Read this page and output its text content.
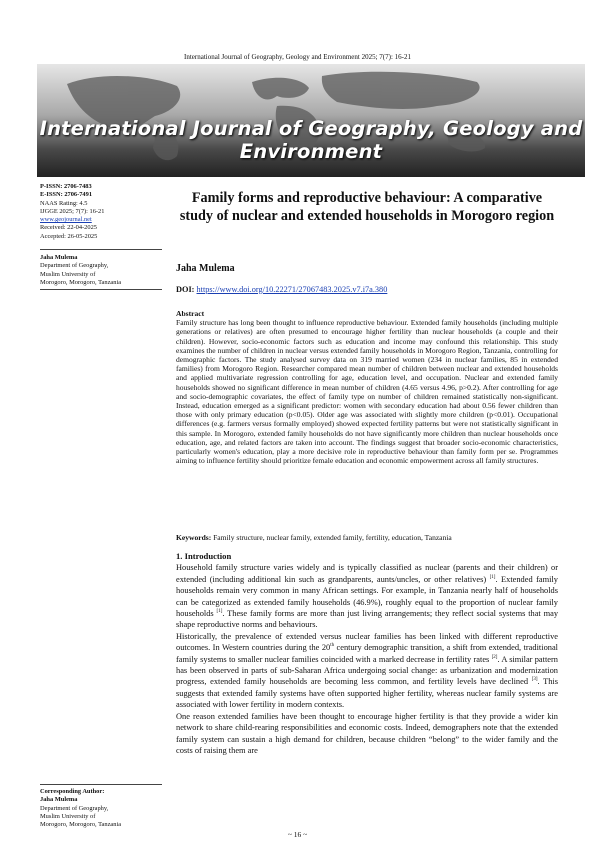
International Journal of Geography, Geology and Environment 2025; 7(7): 16-21
International Journal of Geography, Geology and Environment
P-ISSN: 2706-7483
E-ISSN: 2706-7491
NAAS Rating: 4.5
IJGGE 2025; 7(7): 16-21
www.geojournal.net
Received: 22-04-2025
Accepted: 26-05-2025
Jaha Mulema
Department of Geography,
Muslim University of
Morogoro, Morogoro, Tanzania
Corresponding Author:
Jaha Mulema
Department of Geography,
Muslim University of
Morogoro, Morogoro, Tanzania
Family forms and reproductive behaviour: A comparative study of nuclear and extended households in Morogoro region
Jaha Mulema
DOI: https://www.doi.org/10.22271/27067483.2025.v7.i7a.380
Abstract
Family structure has long been thought to influence reproductive behaviour. Extended family households (including multiple generations or relatives) are often presumed to encourage higher fertility than nuclear households (a couple and their children). However, socio-economic factors such as education and income may confound this relationship. This study examines the number of children in nuclear versus extended family households in Morogoro Region, Tanzania, controlling for demographic factors. The study analysed survey data on 319 married women (234 in nuclear families, 85 in extended families) from Morogoro Region. Researcher compared mean number of children between nuclear and extended households and applied multivariate regression controlling for age, education level, and occupation. Nuclear and extended family households showed no significant difference in mean number of children (4.65 versus 4.96, p>0.2). After controlling for age and socio-demographic covariates, the effect of family type on number of children remained statistically non-significant. Instead, education emerged as a significant predictor: women with secondary education had about 0.56 fewer children than those with only primary education (p<0.05). Older age was associated with slightly more children (p<0.01). Occupational differences (e.g. farmers versus formally employed) showed expected fertility patterns but were not statistically significant in this sample. In Morogoro, extended family households do not have significantly more children than nuclear households once education, age, and related factors are taken into account. The findings suggest that broader socio-economic characteristics, particularly women's education, play a more decisive role in reproductive behaviour than family form per se. Programmes aiming to influence fertility should prioritize female education and economic empowerment across all family structures.
Keywords: Family structure, nuclear family, extended family, fertility, education, Tanzania
1. Introduction

Household family structure varies widely and is typically classified as nuclear (parents and their children) or extended (including additional kin such as grandparents, aunts/uncles, or other relatives) [1]. Extended family households remain very common in many African settings. For example, in Tanzania nearly half of households can be categorized as extended family households (46.9%), roughly equal to the proportion of nuclear family households [1]. These family forms are more than just living arrangements; they reflect social systems that may shape reproductive norms and behaviours.

Historically, the prevalence of extended versus nuclear families has been linked with different reproductive outcomes. In Western countries during the 20th century demographic transition, a shift from extended, traditional family systems to smaller nuclear families coincided with a marked decrease in fertility rates [2]. A similar pattern has been observed in parts of sub-Saharan Africa undergoing social change: as urbanization and modernization progress, extended family households are becoming less common, and fertility levels have declined [3]. This suggests that extended family systems have often supported higher fertility, whereas nuclear family systems are associated with lower fertility in modern contexts.

One reason extended families have been thought to encourage higher fertility is that they provide a wider kin network to share child-rearing responsibilities and economic costs. Indeed, demographers note that the extended family system can sustain a high demand for children, because children “belong” to the wider family and the costs of raising them are

~ 16 ~
